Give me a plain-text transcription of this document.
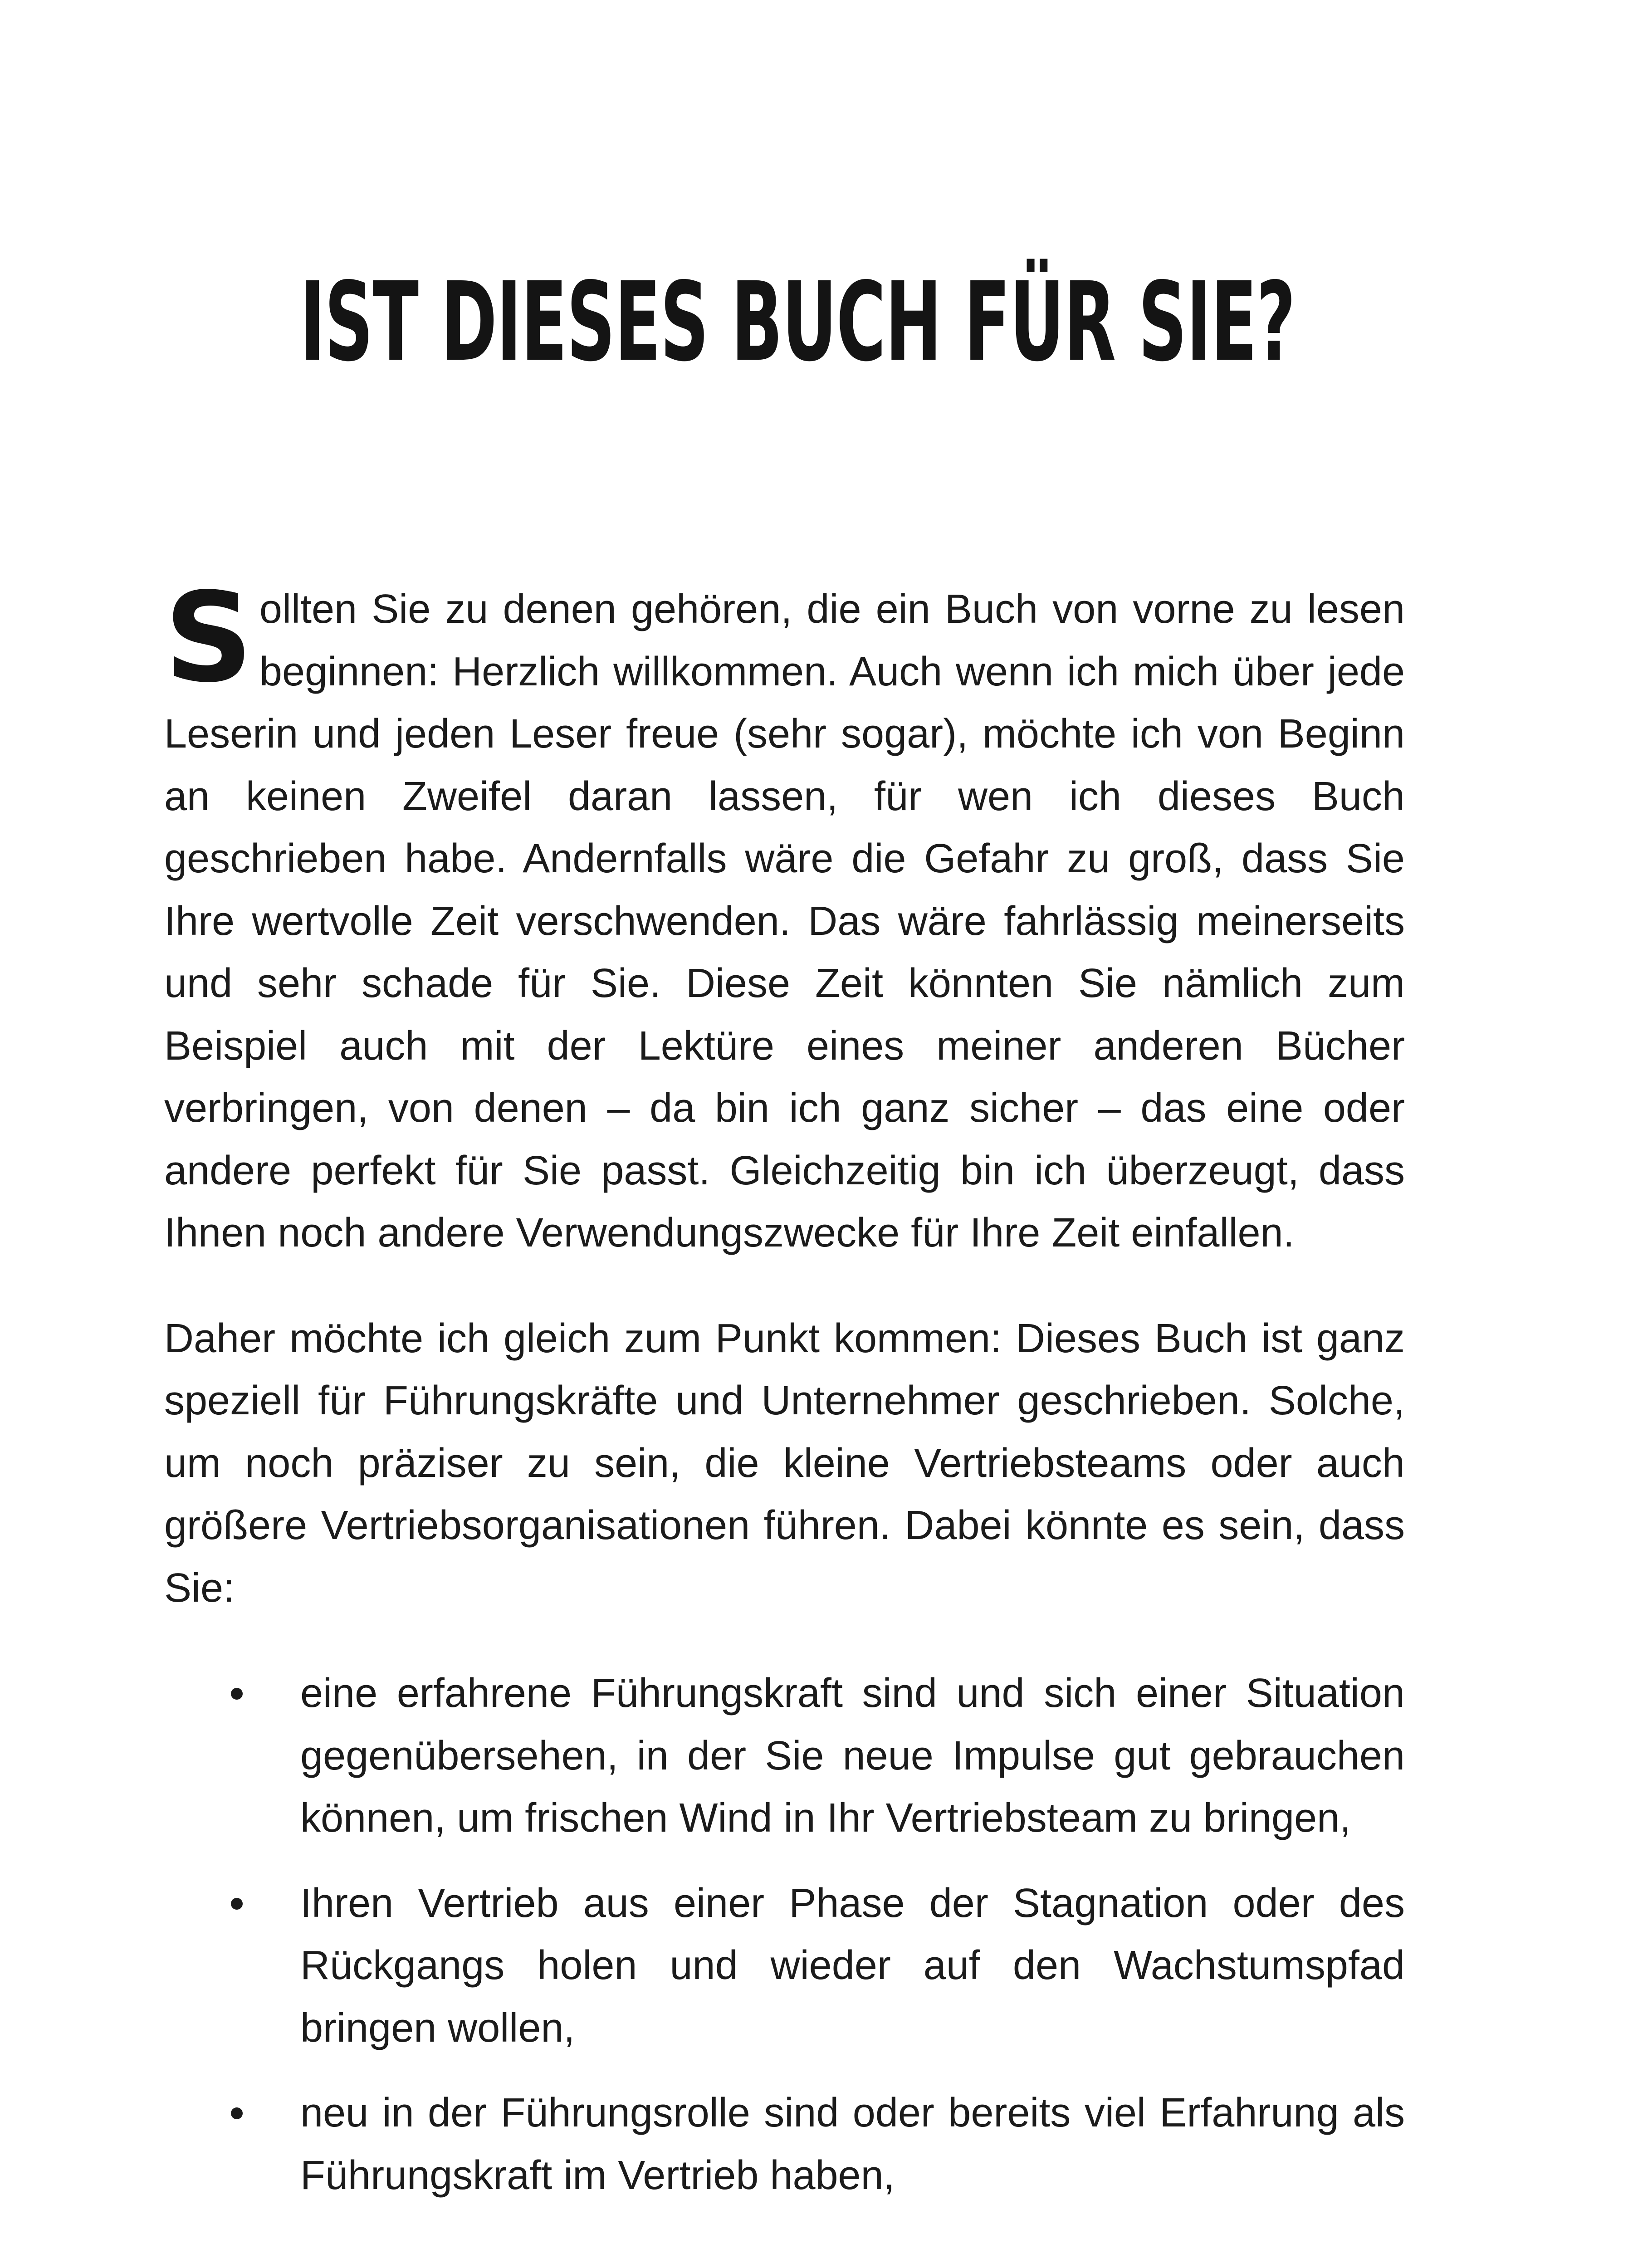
IST DIESES BUCH FÜR SIE?

Sollten Sie zu denen gehören, die ein Buch von vorne zu lesen beginnen: Herzlich willkommen. Auch wenn ich mich über jede Leserin und jeden Leser freue (sehr sogar), möchte ich von Beginn an keinen Zweifel daran lassen, für wen ich dieses Buch geschrieben habe. Andernfalls wäre die Gefahr zu groß, dass Sie Ihre wertvolle Zeit verschwenden. Das wäre fahrlässig meinerseits und sehr schade für Sie. Diese Zeit könnten Sie nämlich zum Beispiel auch mit der Lektüre eines meiner anderen Bücher verbringen, von denen – da bin ich ganz sicher – das eine oder andere perfekt für Sie passt. Gleichzeitig bin ich überzeugt, dass Ihnen noch andere Verwendungszwecke für Ihre Zeit einfallen.

Daher möchte ich gleich zum Punkt kommen: Dieses Buch ist ganz speziell für Führungskräfte und Unternehmer geschrieben. Solche, um noch präziser zu sein, die kleine Vertriebsteams oder auch größere Vertriebsorganisationen führen. Dabei könnte es sein, dass Sie:

eine erfahrene Führungskraft sind und sich einer Situation gegenübersehen, in der Sie neue Impulse gut gebrauchen können, um frischen Wind in Ihr Vertriebsteam zu bringen,
Ihren Vertrieb aus einer Phase der Stagnation oder des Rückgangs holen und wieder auf den Wachstumspfad bringen wollen,
neu in der Führungsrolle sind oder bereits viel Erfahrung als Führungskraft im Vertrieb haben,
